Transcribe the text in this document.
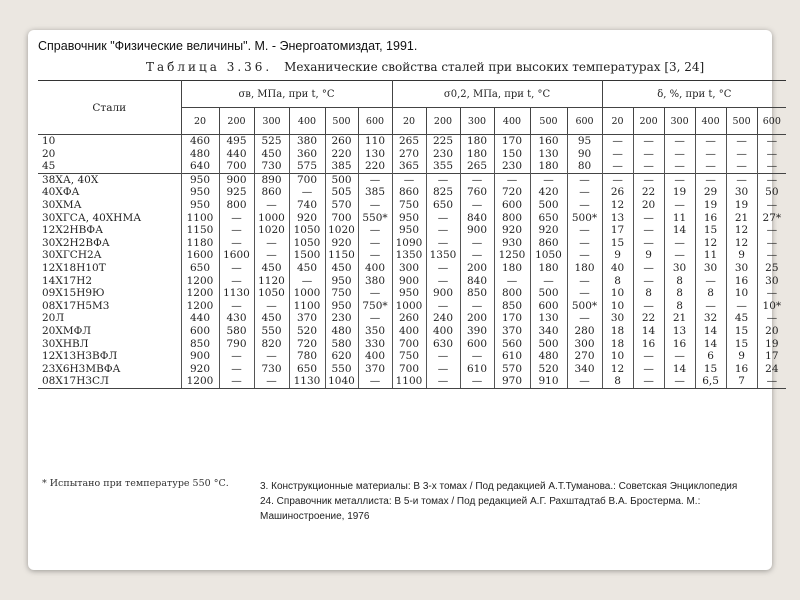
Справочник "Физические величины". М. - Энергоатомиздат, 1991.
Таблица 3.36. Механические свойства сталей при высоких температурах [3, 24]
Стали	σв, МПа, при t, °C						σ0,2, МПа, при t, °C						δ, %, при t, °C					
	20	200	300	400	500	600	20	200	300	400	500	600	20	200	300	400	500	600
10	460	495	525	380	260	110	265	225	180	170	160	95	—	—	—	—	—	—
20	480	440	450	360	220	130	270	230	180	150	130	90	—	—	—	—	—	—
45	640	700	730	575	385	220	365	355	265	230	180	80	—	—	—	—	—	—
38ХА, 40Х	950	900	890	700	500	—	—	—	—	—	—	—	—	—	—	—	—	—
40ХФА	950	925	860	—	505	385	860	825	760	720	420	—	26	22	19	29	30	50
30ХМА	950	800	—	740	570	—	750	650	—	600	500	—	12	20	—	19	19	—
30ХГСА, 40ХНМА	1100	—	1000	920	700	550*	950	—	840	800	650	500*	13	—	11	16	21	27*
12Х2НВФА	1150	—	1020	1050	1020	—	950	—	900	920	920	—	17	—	14	15	12	—
30Х2Н2ВФА	1180	—	—	1050	920	—	1090	—	—	930	860	—	15	—	—	12	12	—
30ХГСН2А	1600	1600	—	1500	1150	—	1350	1350	—	1250	1050	—	9	9	—	11	9	—
12Х18Н10Т	650	—	450	450	450	400	300	—	200	180	180	180	40	—	30	30	30	25
14Х17Н2	1200	—	1120	—	950	380	900	—	840	—	—	—	8	—	8	—	16	30
09Х15Н9Ю	1200	1130	1050	1000	750	—	950	900	850	800	500	—	10	8	8	8	10	—
08Х17Н5М3	1200	—	—	1100	950	750*	1000	—	—	850	600	500*	10	—	8	—	—	10*
20Л	440	430	450	370	230	—	260	240	200	170	130	—	30	22	21	32	45	—
20ХМФЛ	600	580	550	520	480	350	400	400	390	370	340	280	18	14	13	14	15	20
30ХНВЛ	850	790	820	720	580	330	700	630	600	560	500	300	18	16	16	14	15	19
12Х13Н3ВФЛ	900	—	—	780	620	400	750	—	—	610	480	270	10	—	—	6	9	17
23Х6Н3МВФА	920	—	730	650	550	370	700	—	610	570	520	340	12	—	14	15	16	24
08Х17Н3СЛ	1200	—	—	1130	1040	—	1100	—	—	970	910	—	8	—	—	6,5	7	—
* Испытано при температуре 550 °С.	3. Конструкционные материалы: В 3-х томах / Под редакцией А.Т.Туманова.: Советская Энциклопедия

24. Справочник металлиста: В 5-и томах / Под редакцией А.Г. Рахштадтаб В.А. Бростерма. М.: Машиностроение, 1976
